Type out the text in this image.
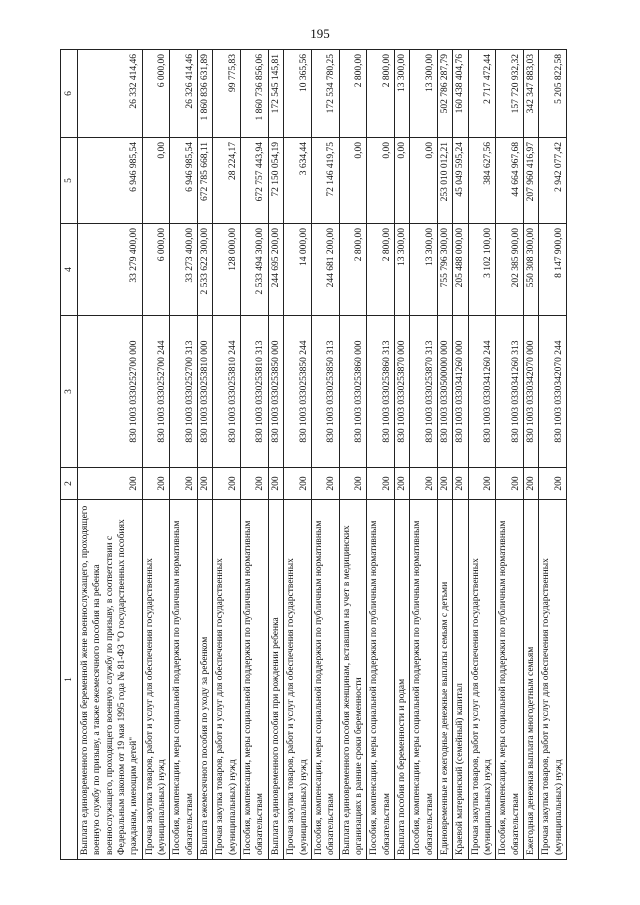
195
1	2	3	4	5	6
Выплата единовременного пособия беременной жене военнослужащего, проходящего военную службу по призыву, а также ежемесячного пособия на ребенка военнослужащего, проходящего военную службу по призыву, в соответствии с Федеральным законом от 19 мая 1995 года № 81-ФЗ "О государственных пособиях гражданам, имеющим детей"	200	830 1003 0330252700 000	33 279 400,00	6 946 985,54	26 332 414,46
Прочая закупка товаров, работ и услуг для обеспечения государственных (муниципальных) нужд	200	830 1003 0330252700 244	6 000,00	0,00	6 000,00
Пособия, компенсации, меры социальной поддержки по публичным нормативным обязательствам	200	830 1003 0330252700 313	33 273 400,00	6 946 985,54	26 326 414,46
Выплата ежемесячного пособия по уходу за ребенком	200	830 1003 0330253810 000	2 533 622 300,00	672 785 668,11	1 860 836 631,89
Прочая закупка товаров, работ и услуг для обеспечения государственных (муниципальных) нужд	200	830 1003 0330253810 244	128 000,00	28 224,17	99 775,83
Пособия, компенсации, меры социальной поддержки по публичным нормативным обязательствам	200	830 1003 0330253810 313	2 533 494 300,00	672 757 443,94	1 860 736 856,06
Выплата единовременного пособия при рождении ребенка	200	830 1003 0330253850 000	244 695 200,00	72 150 054,19	172 545 145,81
Прочая закупка товаров, работ и услуг для обеспечения государственных (муниципальных) нужд	200	830 1003 0330253850 244	14 000,00	3 634,44	10 365,56
Пособия, компенсации, меры социальной поддержки по публичным нормативным обязательствам	200	830 1003 0330253850 313	244 681 200,00	72 146 419,75	172 534 780,25
Выплата единовременного пособия женщинам, вставшим на учет в медицинских организациях в ранние сроки беременности	200	830 1003 0330253860 000	2 800,00	0,00	2 800,00
Пособия, компенсации, меры социальной поддержки по публичным нормативным обязательствам	200	830 1003 0330253860 313	2 800,00	0,00	2 800,00
Выплата пособия по беременности и родам	200	830 1003 0330253870 000	13 300,00	0,00	13 300,00
Пособия, компенсации, меры социальной поддержки по публичным нормативным обязательствам	200	830 1003 0330253870 313	13 300,00	0,00	13 300,00
Единовременные и ежегодные денежные выплаты семьям с детьми	200	830 1003 0330500000 000	755 796 300,00	253 010 012,21	502 786 287,79
Краевой материнский (семейный) капитал	200	830 1003 0330341260 000	205 488 000,00	45 049 595,24	160 438 404,76
Прочая закупка товаров, работ и услуг для обеспечения государственных (муниципальных) нужд	200	830 1003 0330341260 244	3 102 100,00	384 627,56	2 717 472,44
Пособия, компенсации, меры социальной поддержки по публичным нормативным обязательствам	200	830 1003 0330341260 313	202 385 900,00	44 664 967,68	157 720 932,32
Ежегодная денежная выплата многодетным семьям	200	830 1003 0330342070 000	550 308 300,00	207 960 416,97	342 347 883,03
Прочая закупка товаров, работ и услуг для обеспечения государственных (муниципальных) нужд	200	830 1003 0330342070 244	8 147 900,00	2 942 077,42	5 205 822,58
